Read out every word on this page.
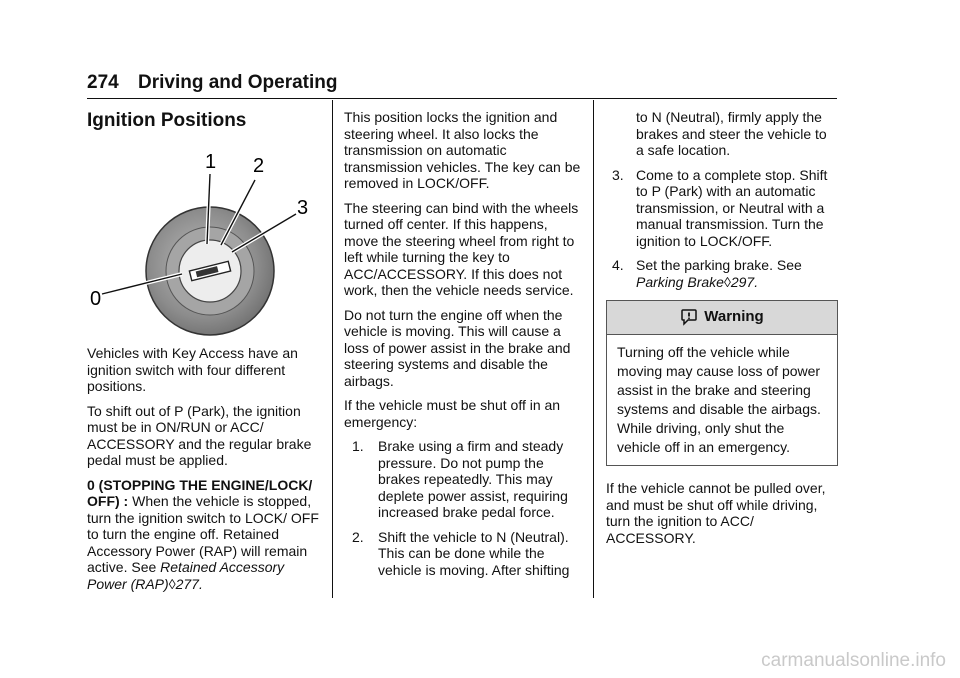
274 Driving and Operating
Ignition Positions
1 2
3
0

Vehicles with Key Access have an ignition switch with four different positions.

To shift out of P (Park), the ignition must be in ON/RUN or ACC/ ACCESSORY and the regular brake pedal must be applied.

0 (STOPPING THE ENGINE/LOCK/ OFF) : When the vehicle is stopped, turn the ignition switch to LOCK/ OFF to turn the engine off. Retained Accessory Power (RAP) will remain active. See Retained Accessory Power (RAP)◊277.

This position locks the ignition and steering wheel. It also locks the transmission on automatic transmission vehicles. The key can be removed in LOCK/OFF.

The steering can bind with the wheels turned off center. If this happens, move the steering wheel from right to left while turning the key to ACC/ACCESSORY. If this does not work, then the vehicle needs service.

Do not turn the engine off when the vehicle is moving. This will cause a loss of power assist in the brake and steering systems and disable the airbags.

If the vehicle must be shut off in an emergency:

1. Brake using a firm and steady pressure. Do not pump the brakes repeatedly. This may deplete power assist, requiring increased brake pedal force.
2. Shift the vehicle to N (Neutral). This can be done while the vehicle is moving. After shifting
to N (Neutral), firmly apply the brakes and steer the vehicle to a safe location.
3. Come to a complete stop. Shift to P (Park) with an automatic transmission, or Neutral with a manual transmission. Turn the ignition to LOCK/OFF.
4. Set the parking brake. See
Parking Brake◊297.
Warning
Turning off the vehicle while moving may cause loss of power assist in the brake and steering systems and disable the airbags. While driving, only shut the vehicle off in an emergency.

If the vehicle cannot be pulled over, and must be shut off while driving, turn the ignition to ACC/ ACCESSORY.

carmanualsonline.info
